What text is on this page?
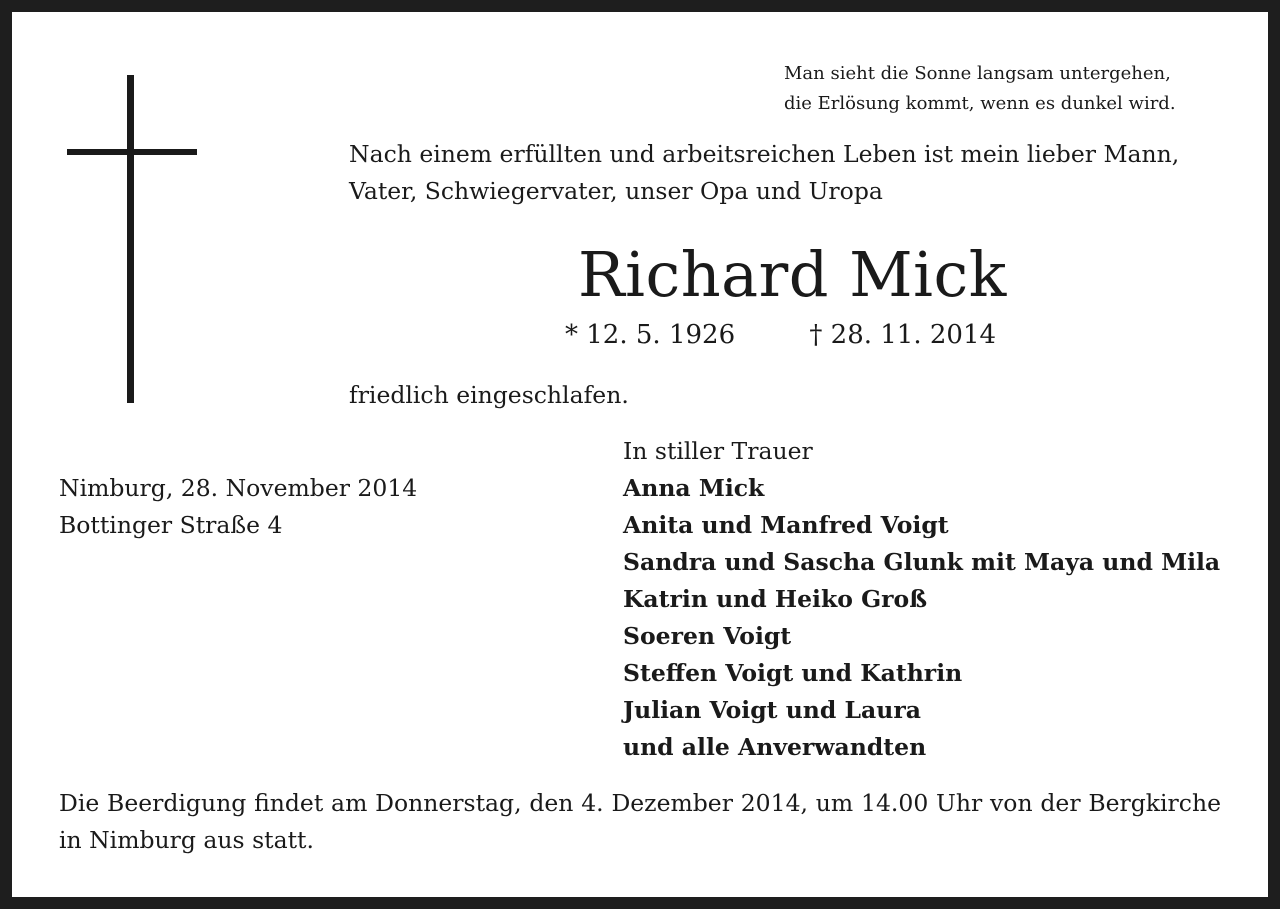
Man sieht die Sonne langsam untergehen,
die Erlösung kommt, wenn es dunkel wird.
Nach einem erfüllten und arbeitsreichen Leben ist mein lieber Mann,
Vater, Schwiegervater, unser Opa und Uropa
Richard Mick
* 12. 5. 1926	† 28. 11. 2014
friedlich eingeschlafen.
Nimburg, 28. November 2014
Bottinger Straße 4
In stiller Trauer
Anna Mick
Anita und Manfred Voigt
Sandra und Sascha Glunk mit Maya und Mila
Katrin und Heiko Groß
Soeren Voigt
Steffen Voigt und Kathrin
Julian Voigt und Laura
und alle Anverwandten
Die Beerdigung findet am Donnerstag, den 4. Dezember 2014, um 14.00 Uhr von der Bergkirche in Nimburg aus statt.
